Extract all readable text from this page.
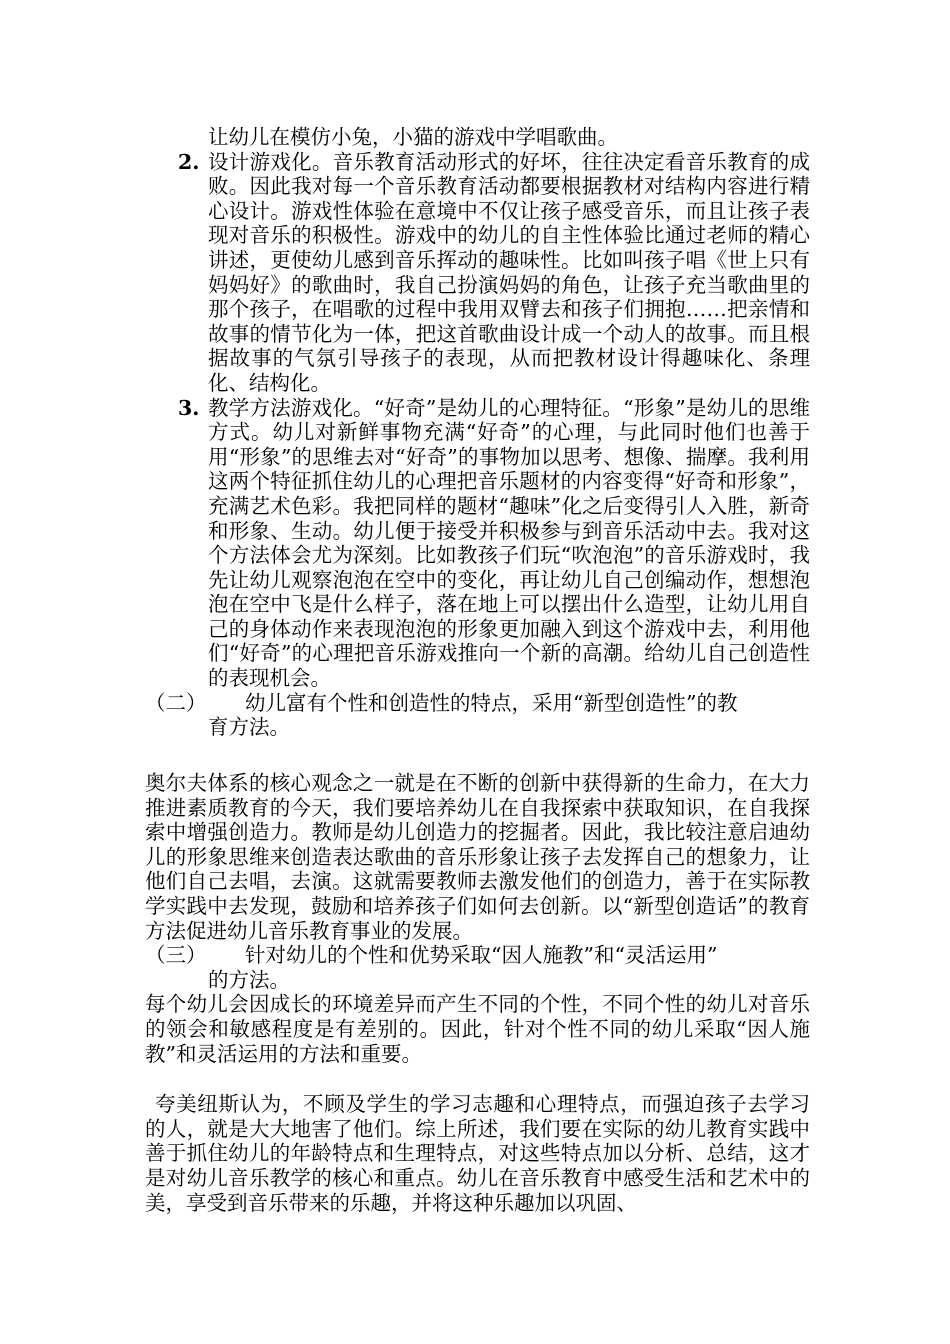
让幼儿在模仿小兔，小猫的游戏中学唱歌曲。

2. 设计游戏化。音乐教育活动形式的好坏，往往决定看音乐教育的成败。因此我对每一个音乐教育活动都要根据教材对结构内容进行精心设计。游戏性体验在意境中不仅让孩子感受音乐，而且让孩子表现对音乐的积极性。游戏中的幼儿的自主性体验比通过老师的精心讲述，更使幼儿感到音乐挥动的趣味性。比如叫孩子唱《世上只有妈妈好》的歌曲时，我自己扮演妈妈的角色，让孩子充当歌曲里的那个孩子，在唱歌的过程中我用双臂去和孩子们拥抱……把亲情和故事的情节化为一体，把这首歌曲设计成一个动人的故事。而且根据故事的气氛引导孩子的表现，从而把教材设计得趣味化、条理化、结构化。

3. 教学方法游戏化。“好奇”是幼儿的心理特征。“形象”是幼儿的思维方式。幼儿对新鲜事物充满“好奇”的心理，与此同时他们也善于用“形象”的思维去对“好奇”的事物加以思考、想像、揣摩。我利用这两个特征抓住幼儿的心理把音乐题材的内容变得“好奇和形象”，充满艺术色彩。我把同样的题材“趣味”化之后变得引人入胜，新奇和形象、生动。幼儿便于接受并积极参与到音乐活动中去。我对这个方法体会尤为深刻。比如教孩子们玩“吹泡泡”的音乐游戏时，我先让幼儿观察泡泡在空中的变化，再让幼儿自己创编动作，想想泡泡在空中飞是什么样子，落在地上可以摆出什么造型，让幼儿用自己的身体动作来表现泡泡的形象更加融入到这个游戏中去，利用他们“好奇”的心理把音乐游戏推向一个新的高潮。给幼儿自己创造性的表现机会。

（二）	幼儿富有个性和创造性的特点，采用“新型创造性”的教
育方法。

奥尔夫体系的核心观念之一就是在不断的创新中获得新的生命力，在大力推进素质教育的今天，我们要培养幼儿在自我探索中获取知识，在自我探索中增强创造力。教师是幼儿创造力的挖掘者。因此，我比较注意启迪幼儿的形象思维来创造表达歌曲的音乐形象让孩子去发挥自己的想象力，让他们自己去唱，去演。这就需要教师去激发他们的创造力，善于在实际教学实践中去发现，鼓励和培养孩子们如何去创新。以“新型创造话”的教育方法促进幼儿音乐教育事业的发展。

（三）	针对幼儿的个性和优势采取“因人施教”和“灵活运用”
的方法。

每个幼儿会因成长的环境差异而产生不同的个性，不同个性的幼儿对音乐的领会和敏感程度是有差别的。因此，针对个性不同的幼儿采取“因人施教”和灵活运用的方法和重要。

夸美纽斯认为，不顾及学生的学习志趣和心理特点，而强迫孩子去学习的人，就是大大地害了他们。综上所述，我们要在实际的幼儿教育实践中善于抓住幼儿的年龄特点和生理特点，对这些特点加以分析、总结，这才是对幼儿音乐教学的核心和重点。幼儿在音乐教育中感受生活和艺术中的美，享受到音乐带来的乐趣，并将这种乐趣加以巩固、
